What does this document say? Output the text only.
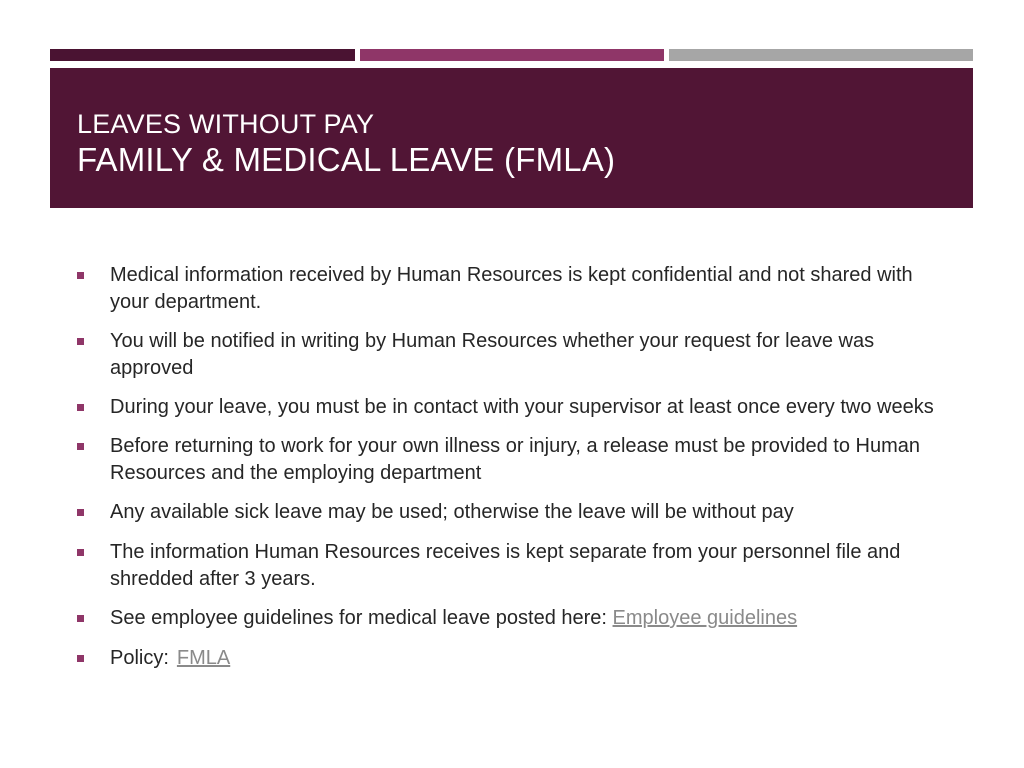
LEAVES WITHOUT PAY
FAMILY & MEDICAL LEAVE (FMLA)
Medical information received by Human Resources is kept confidential and not shared with your department.
You will be notified in writing by Human Resources whether your request for leave was approved
During your leave, you must be in contact with your supervisor at least once every two weeks
Before returning to work for your own illness or injury, a release must be provided to Human Resources and the employing department
Any available sick leave may be used; otherwise the leave will be without pay
The information Human Resources receives is kept separate from your personnel file and shredded after 3 years.
See employee guidelines for medical leave posted here: Employee guidelines
Policy: FMLA
